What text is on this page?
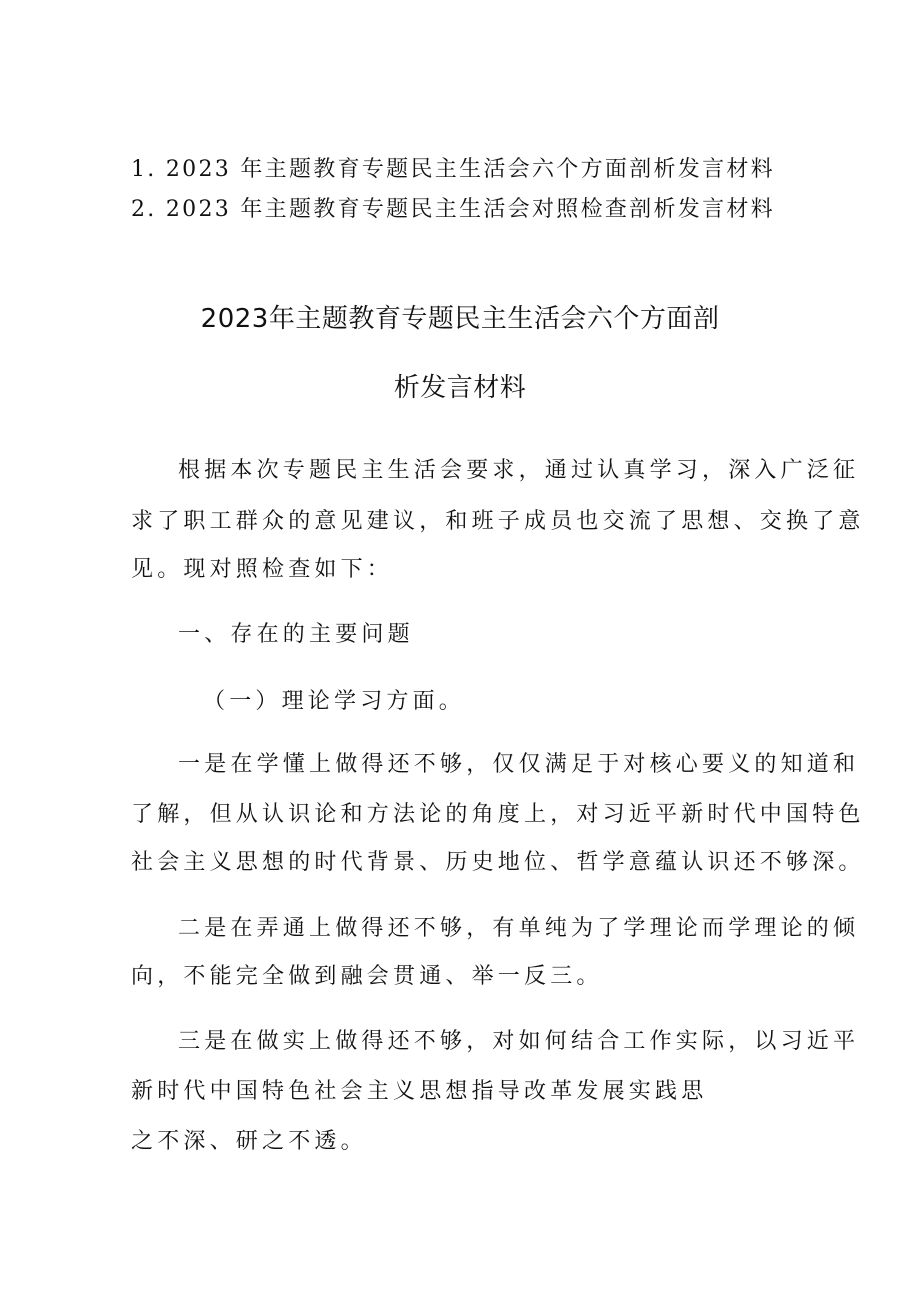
1. 2023 年主题教育专题民主生活会六个方面剖析发言材料
2. 2023 年主题教育专题民主生活会对照检查剖析发言材料
2023年主题教育专题民主生活会六个方面剖
析发言材料
根据本次专题民主生活会要求，通过认真学习，深入广泛征
求了职工群众的意见建议，和班子成员也交流了思想、交换了意
见。现对照检查如下：
一、存在的主要问题
（一）理论学习方面。
一是在学懂上做得还不够，仅仅满足于对核心要义的知道和
了解，但从认识论和方法论的角度上，对习近平新时代中国特色
社会主义思想的时代背景、历史地位、哲学意蕴认识还不够深。
二是在弄通上做得还不够，有单纯为了学理论而学理论的倾
向，不能完全做到融会贯通、举一反三。
三是在做实上做得还不够，对如何结合工作实际，以习近平
新时代中国特色社会主义思想指导改革发展实践思
之不深、研之不透。
